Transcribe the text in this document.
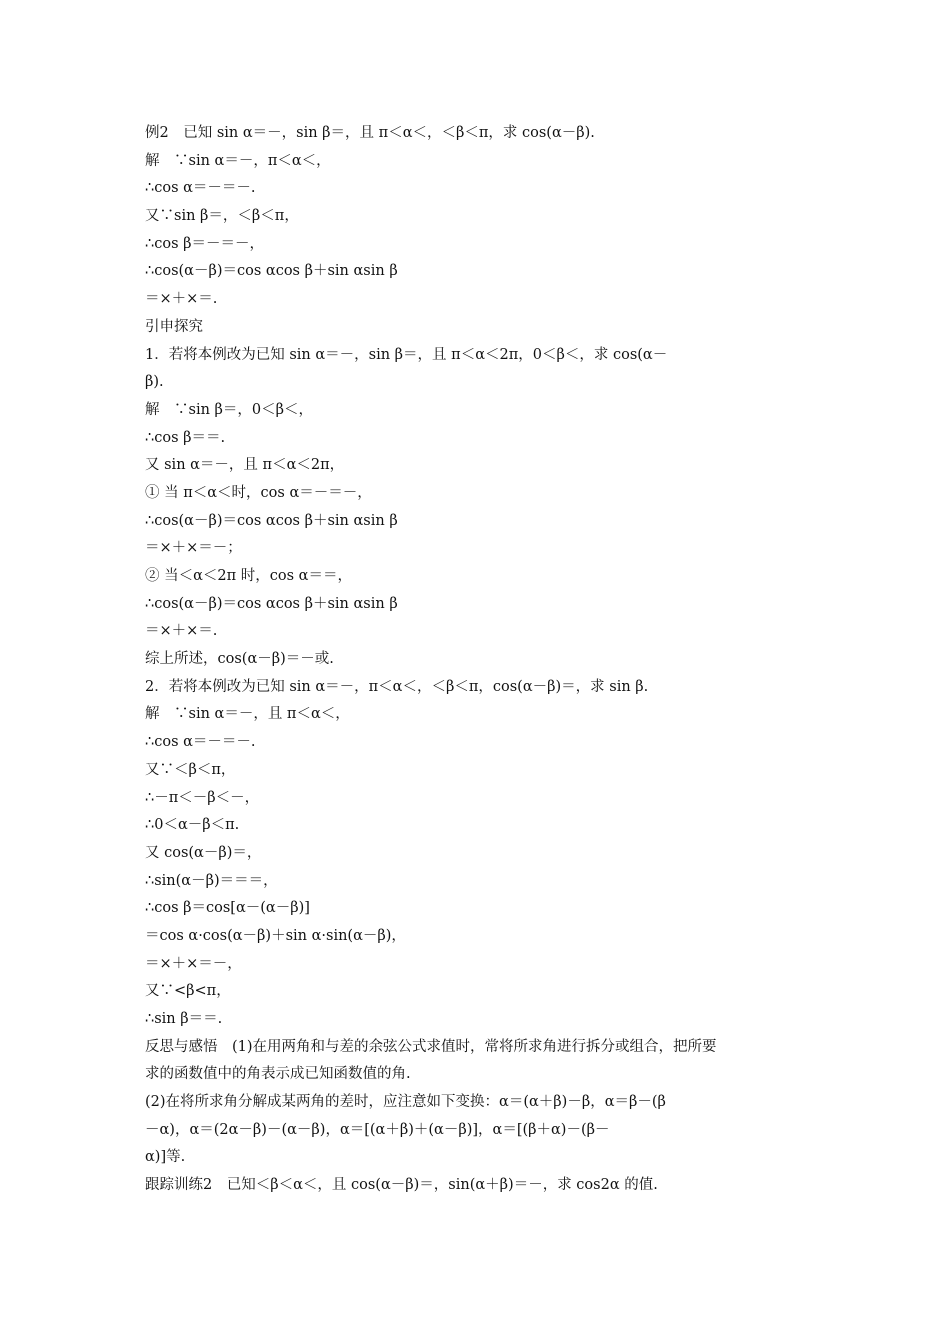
例2　已知 sin α＝－，sin β＝，且 π＜α＜，＜β＜π，求 cos(α－β).
解　∵sin α＝－，π＜α＜，
∴cos α＝－＝－.
又∵sin β＝，＜β＜π，
∴cos β＝－＝－，
∴cos(α－β)＝cos αcos β＋sin αsin β
＝×＋×＝.
引申探究
1．若将本例改为已知 sin α＝－，sin β＝，且 π＜α＜2π，0＜β＜，求 cos(α－
β).
解　∵sin β＝，0＜β＜，
∴cos β＝＝.
又 sin α＝－，且 π＜α＜2π，
① 当 π＜α＜时，cos α＝－＝－，
∴cos(α－β)＝cos αcos β＋sin αsin β
＝×＋×＝－；
② 当＜α＜2π 时，cos α＝＝，
∴cos(α－β)＝cos αcos β＋sin αsin β
＝×＋×＝.
综上所述，cos(α－β)＝－或.
2．若将本例改为已知 sin α＝－，π＜α＜，＜β＜π，cos(α－β)＝，求 sin β.
解　∵sin α＝－，且 π＜α＜，
∴cos α＝－＝－.
又∵＜β＜π，
∴－π＜－β＜－，
∴0＜α－β＜π.
又 cos(α－β)＝，
∴sin(α－β)＝＝＝，
∴cos β＝cos[α－(α－β)]
＝cos α·cos(α－β)＋sin α·sin(α－β)，
＝×＋×＝－，
又∵<β<π，
∴sin β＝＝.
反思与感悟　(1)在用两角和与差的余弦公式求值时，常将所求角进行拆分或组合，把所要
求的函数值中的角表示成已知函数值的角.
(2)在将所求角分解成某两角的差时，应注意如下变换：α＝(α＋β)－β，α＝β－(β
－α)，α＝(2α－β)－(α－β)，α＝[(α＋β)＋(α－β)]，α＝[(β＋α)－(β－
α)]等.
跟踪训练2　已知＜β＜α＜，且 cos(α－β)＝，sin(α＋β)＝－，求 cos2α 的值.
